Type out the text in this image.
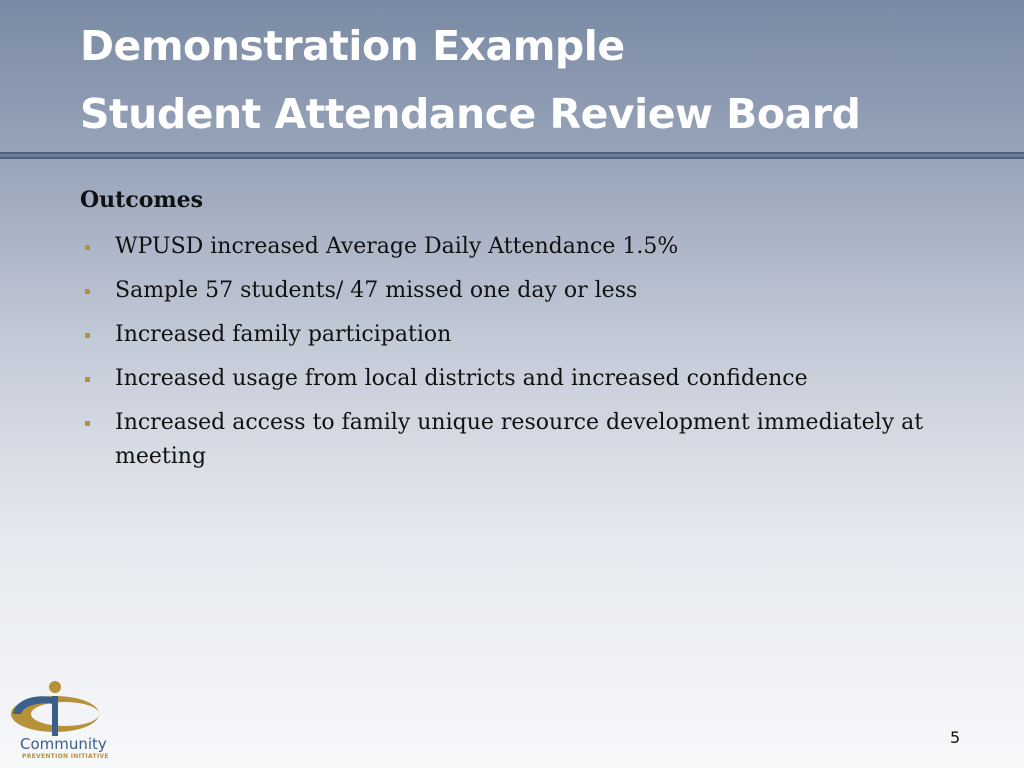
Demonstration Example
Student Attendance Review Board
Outcomes
WPUSD increased Average Daily Attendance 1.5%
Sample 57 students/ 47 missed one day or less
Increased family participation
Increased usage from local districts and increased confidence
Increased access to family unique resource development immediately at meeting
Community
PREVENTION INITIATIVE
5
